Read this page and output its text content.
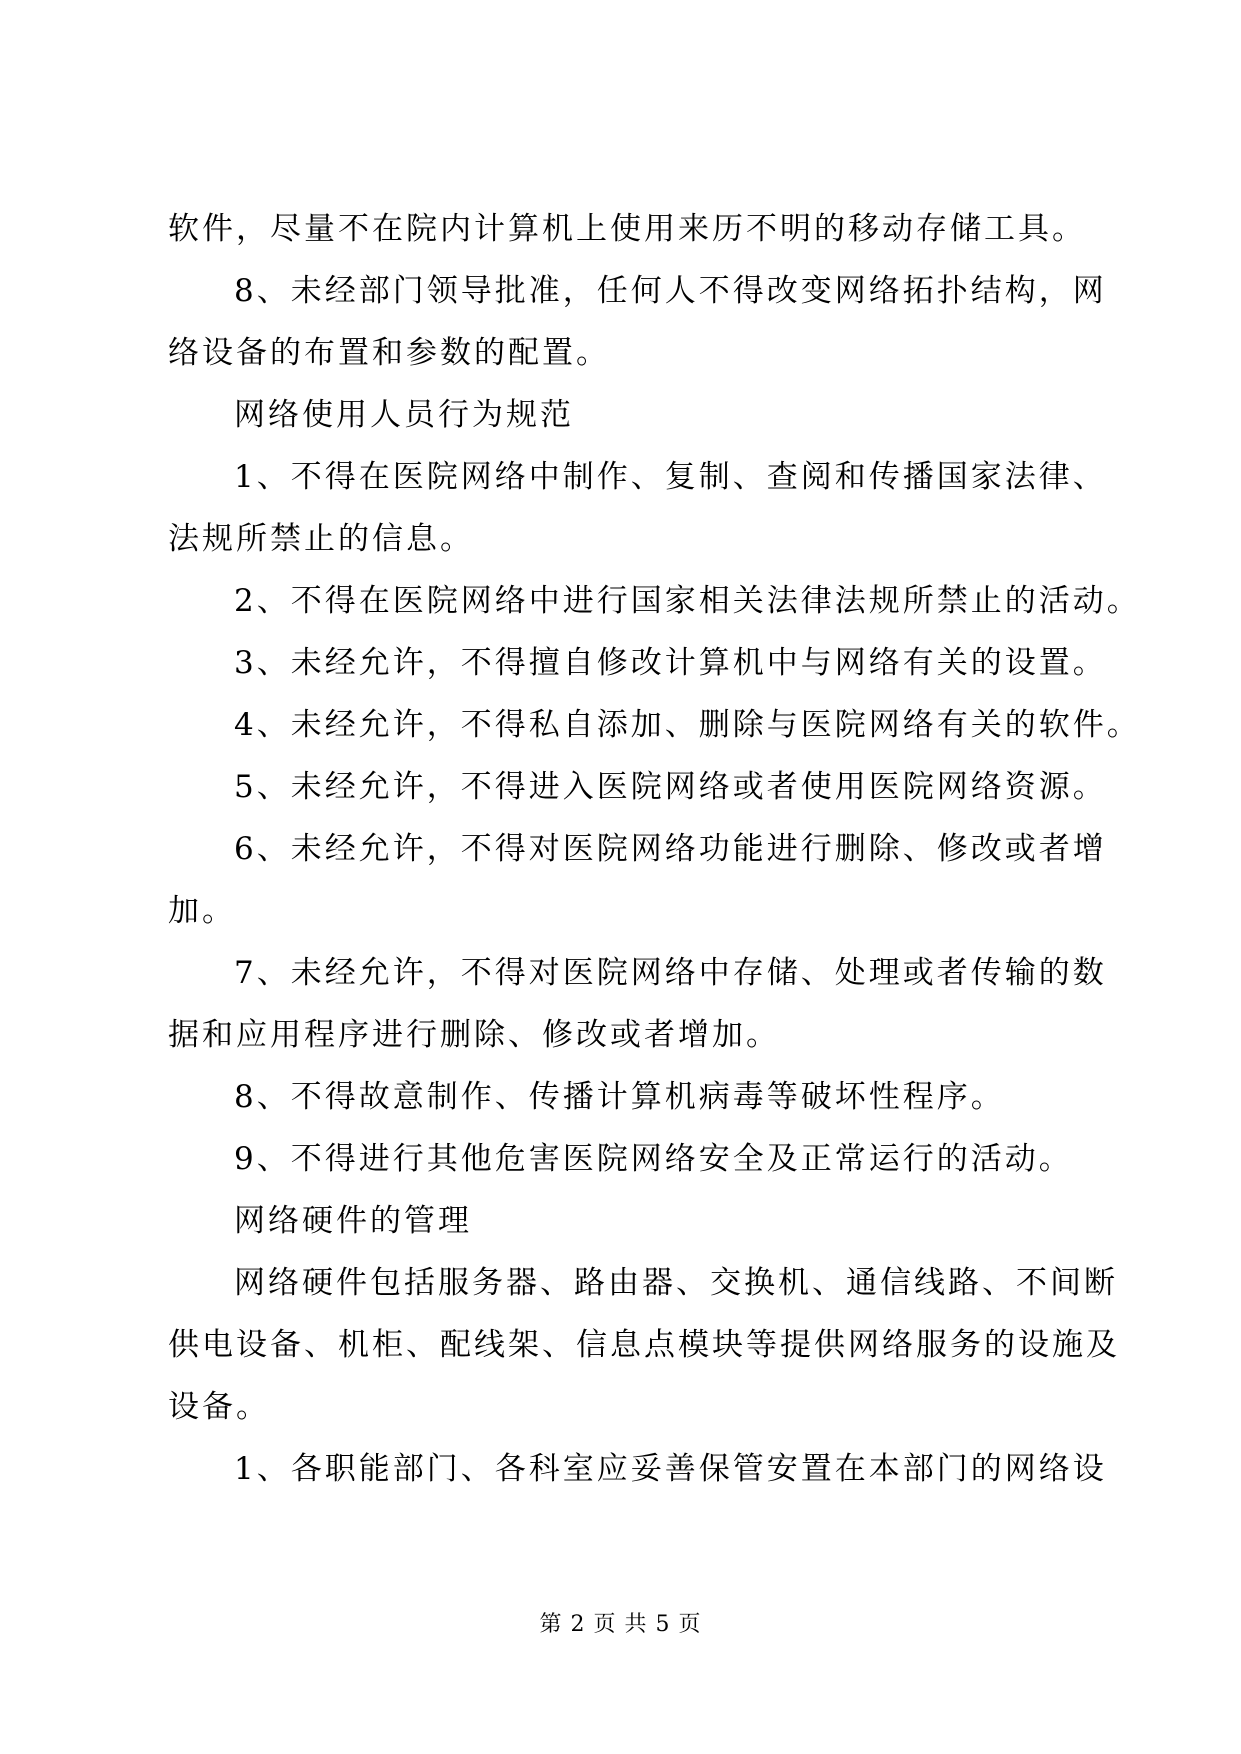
软件，尽量不在院内计算机上使用来历不明的移动存储工具。
8、未经部门领导批准，任何人不得改变网络拓扑结构，网
络设备的布置和参数的配置。
网络使用人员行为规范
1、不得在医院网络中制作、复制、查阅和传播国家法律、
法规所禁止的信息。
2、不得在医院网络中进行国家相关法律法规所禁止的活动。
3、未经允许，不得擅自修改计算机中与网络有关的设置。
4、未经允许，不得私自添加、删除与医院网络有关的软件。
5、未经允许，不得进入医院网络或者使用医院网络资源。
6、未经允许，不得对医院网络功能进行删除、修改或者增
加。
7、未经允许，不得对医院网络中存储、处理或者传输的数
据和应用程序进行删除、修改或者增加。
8、不得故意制作、传播计算机病毒等破坏性程序。
9、不得进行其他危害医院网络安全及正常运行的活动。
网络硬件的管理
网络硬件包括服务器、路由器、交换机、通信线路、不间断
供电设备、机柜、配线架、信息点模块等提供网络服务的设施及
设备。
1、各职能部门、各科室应妥善保管安置在本部门的网络设
第 2 页 共 5 页
